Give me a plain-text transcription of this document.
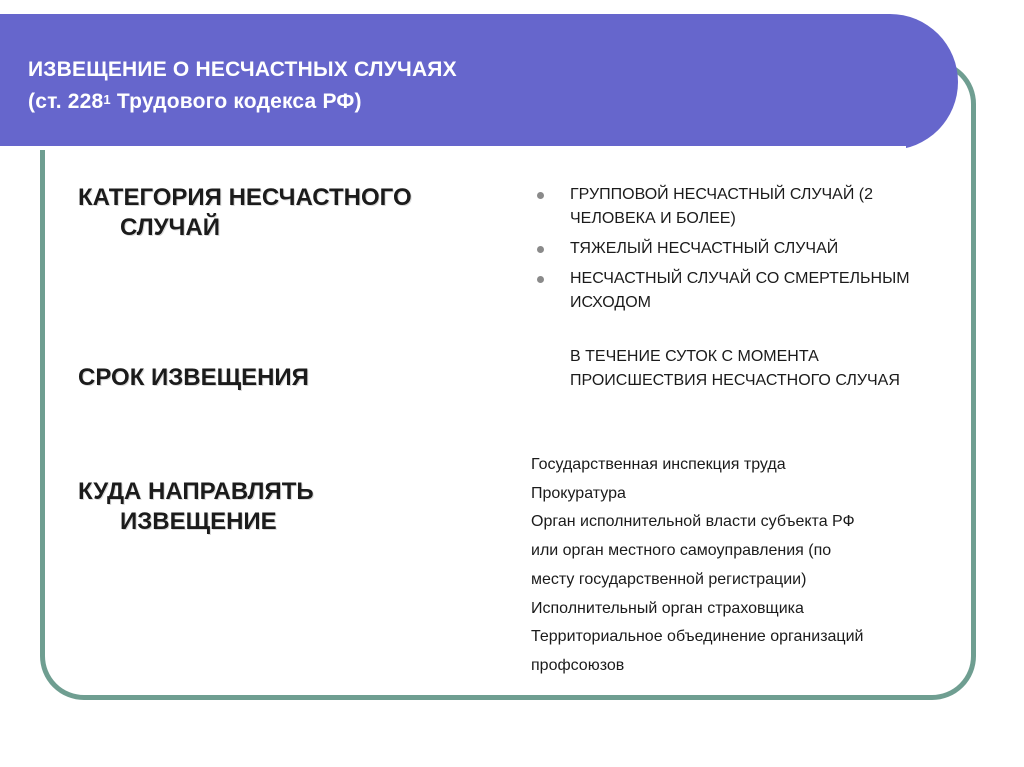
ИЗВЕЩЕНИЕ О НЕСЧАСТНЫХ СЛУЧАЯХ
(ст. $228^1$ Трудового кодекса РФ)

КАТЕГОРИЯ НЕСЧАСТНОГО
СЛУЧАЙ

СРОК ИЗВЕЩЕНИЯ

КУДА НАПРАВЛЯТЬ
ИЗВЕЩЕНИЕ

ГРУППОВОЙ НЕСЧАСТНЫЙ СЛУЧАЙ (2 ЧЕЛОВЕКА И БОЛЕЕ)
ТЯЖЕЛЫЙ НЕСЧАСТНЫЙ СЛУЧАЙ
НЕСЧАСТНЫЙ СЛУЧАЙ СО СМЕРТЕЛЬНЫМ ИСХОДОМ

В ТЕЧЕНИЕ СУТОК С МОМЕНТА ПРОИСШЕСТВИЯ НЕСЧАСТНОГО СЛУЧАЯ

Государственная инспекция труда
Прокуратура
Орган исполнительной власти субъекта РФ
или орган местного самоуправления (по
месту государственной регистрации)
Исполнительный орган страховщика
Территориальное объединение организаций
профсоюзов
